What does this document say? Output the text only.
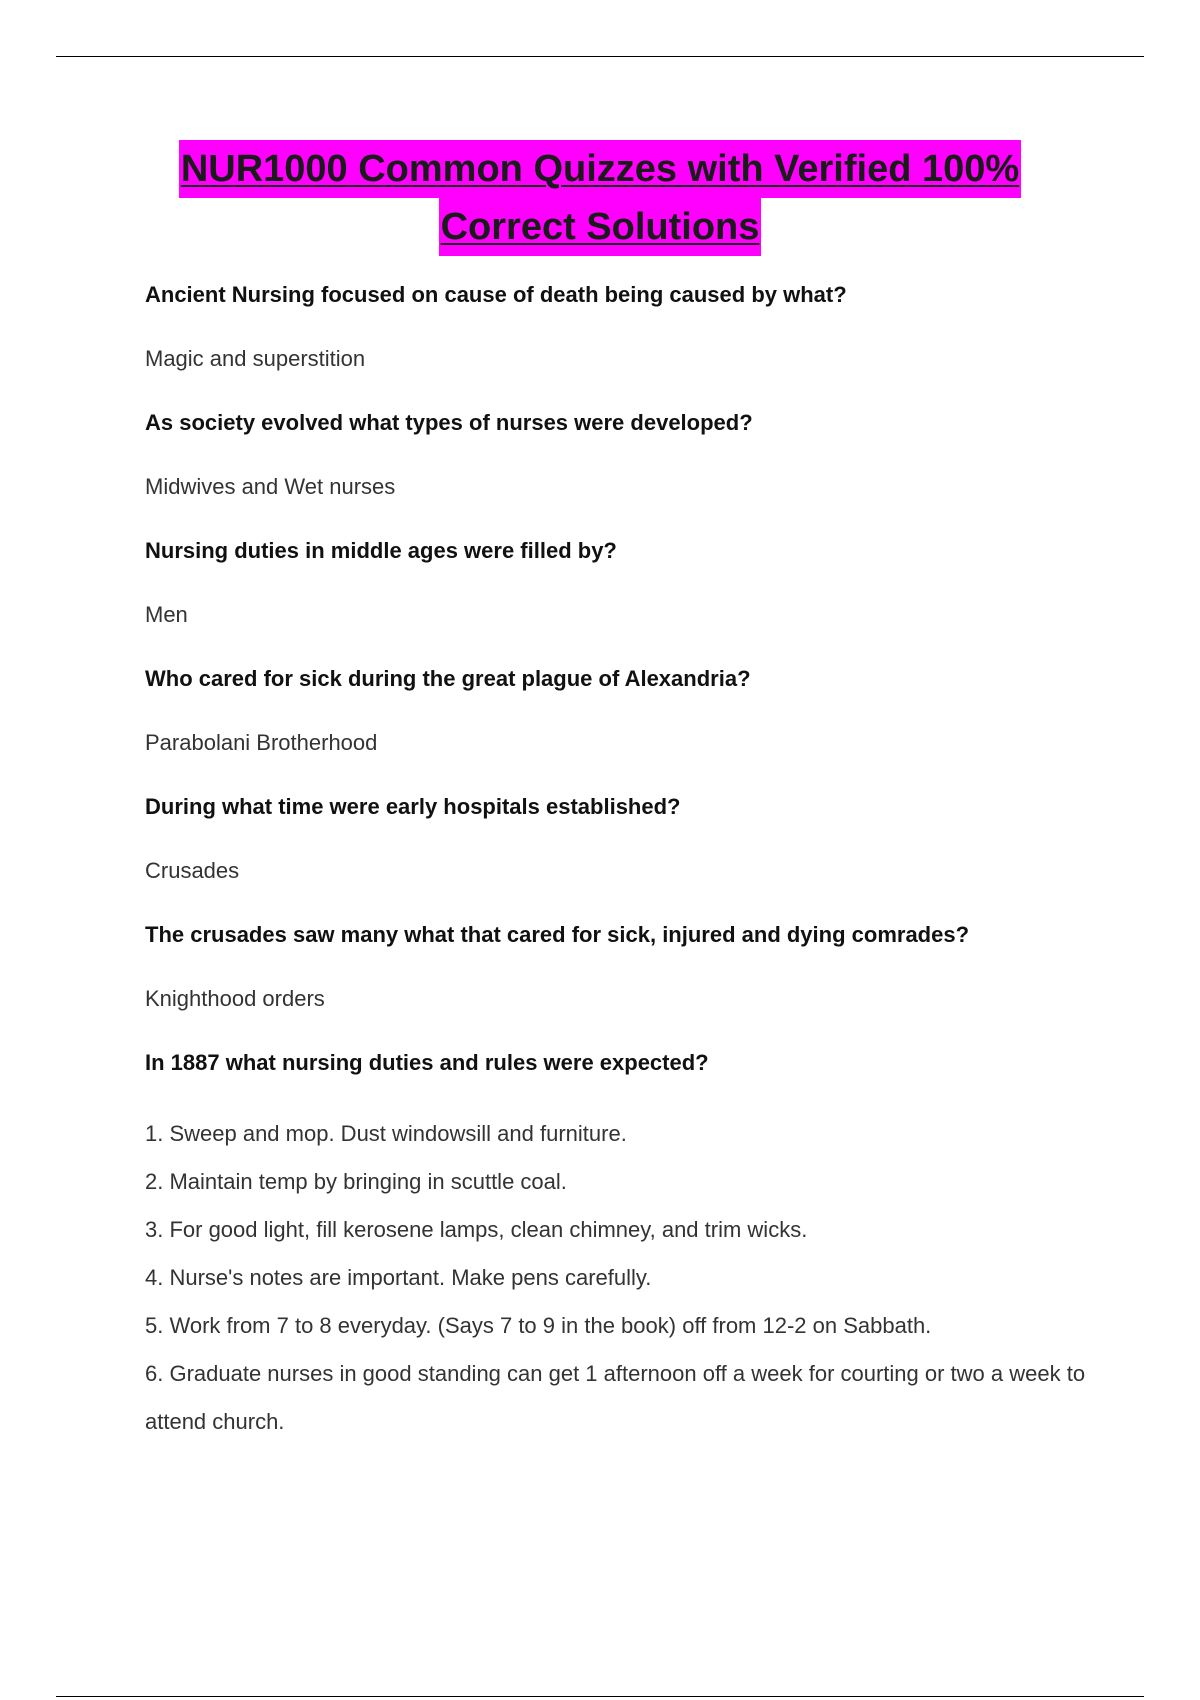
NUR1000 Common Quizzes with Verified 100%
Correct Solutions
Ancient Nursing focused on cause of death being caused by what?
Magic and superstition
As society evolved what types of nurses were developed?
Midwives and Wet nurses
Nursing duties in middle ages were filled by?
Men
Who cared for sick during the great plague of Alexandria?
Parabolani Brotherhood
During what time were early hospitals established?
Crusades
The crusades saw many what that cared for sick, injured and dying comrades?
Knighthood orders
In 1887 what nursing duties and rules were expected?
1. Sweep and mop. Dust windowsill and furniture.
2. Maintain temp by bringing in scuttle coal.
3. For good light, fill kerosene lamps, clean chimney, and trim wicks.
4. Nurse's notes are important. Make pens carefully.
5. Work from 7 to 8 everyday. (Says 7 to 9 in the book) off from 12-2 on Sabbath.
6. Graduate nurses in good standing can get 1 afternoon off a week for courting or two a week to attend church.
